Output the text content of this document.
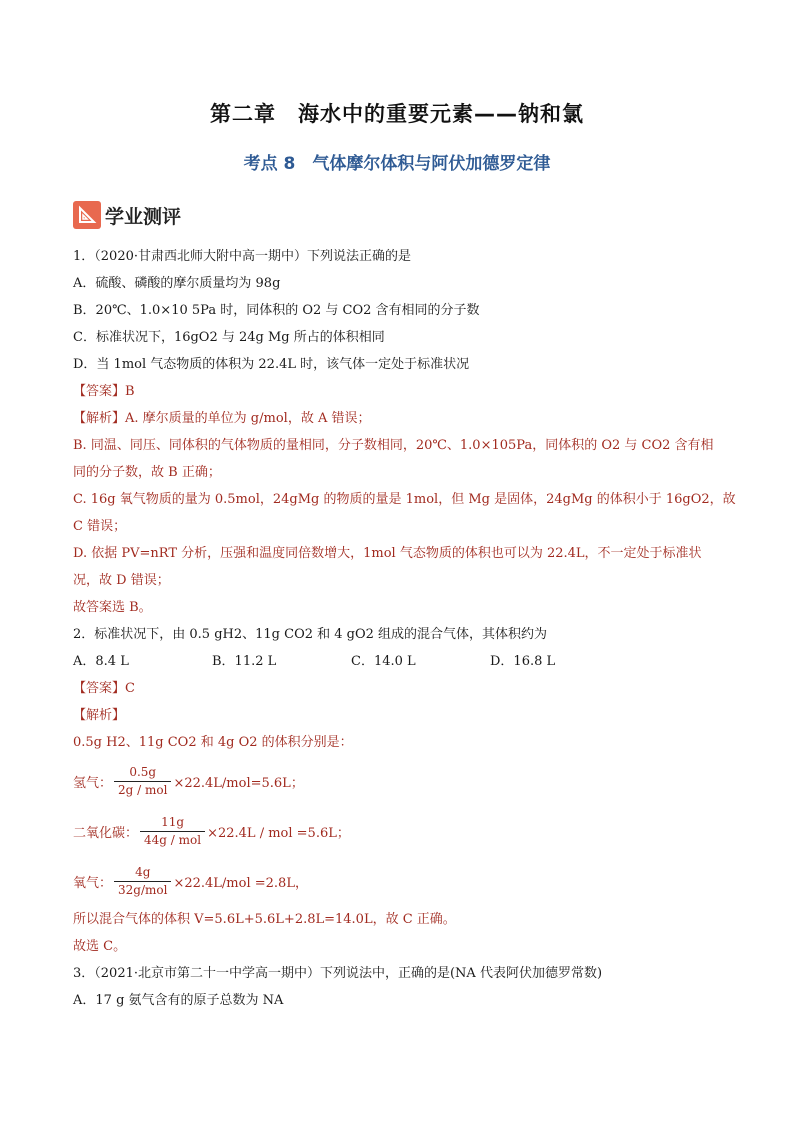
第二章　海水中的重要元素——钠和氯
考点 8　气体摩尔体积与阿伏加德罗定律
学业测评
1．（2020·甘肃西北师大附中高一期中）下列说法正确的是
A．硫酸、磷酸的摩尔质量均为 98g
B．20℃、1.0×10 5Pa 时，同体积的 O2 与 CO2 含有相同的分子数
C．标准状况下，16gO2 与 24g Mg 所占的体积相同
D．当 1mol 气态物质的体积为 22.4L 时，该气体一定处于标准状况
【答案】B
【解析】A. 摩尔质量的单位为 g/mol，故 A 错误；
B. 同温、同压、同体积的气体物质的量相同，分子数相同，20℃、1.0×105Pa，同体积的 O2 与 CO2 含有相
同的分子数，故 B 正确；
C. 16g 氧气物质的量为 0.5mol，24gMg 的物质的量是 1mol，但 Mg 是固体，24gMg 的体积小于 16gO2，故
C 错误；
D. 依据 PV=nRT 分析，压强和温度同倍数增大，1mol 气态物质的体积也可以为 22.4L，不一定处于标准状
况，故 D 错误；
故答案选 B。
2．标准状况下，由 0.5 gH2、11g CO2 和 4 gO2 组成的混合气体，其体积约为
A．8.4 L	B．11.2 L	C．14.0 L	D．16.8 L
【答案】C
【解析】
0.5g H2、11g CO2 和 4g O2 的体积分别是：
氢气： $\frac{0.5g}{\text{2g / mol}} \times 22.4L/mol=5.6L$；
二氧化碳： $\frac{11g}{\text{44g / mol}} \times 22.4L$ / mol =5.6L；
氧气： $\frac{4g}{\text{32g/mol}} \times 22.4L/mol =2.8L$，
所以混合气体的体积 V=5.6L+5.6L+2.8L=14.0L，故 C 正确。
故选 C。
3．（2021·北京市第二十一中学高一期中）下列说法中，正确的是(NA 代表阿伏加德罗常数)
A．17 g 氨气含有的原子总数为 NA
